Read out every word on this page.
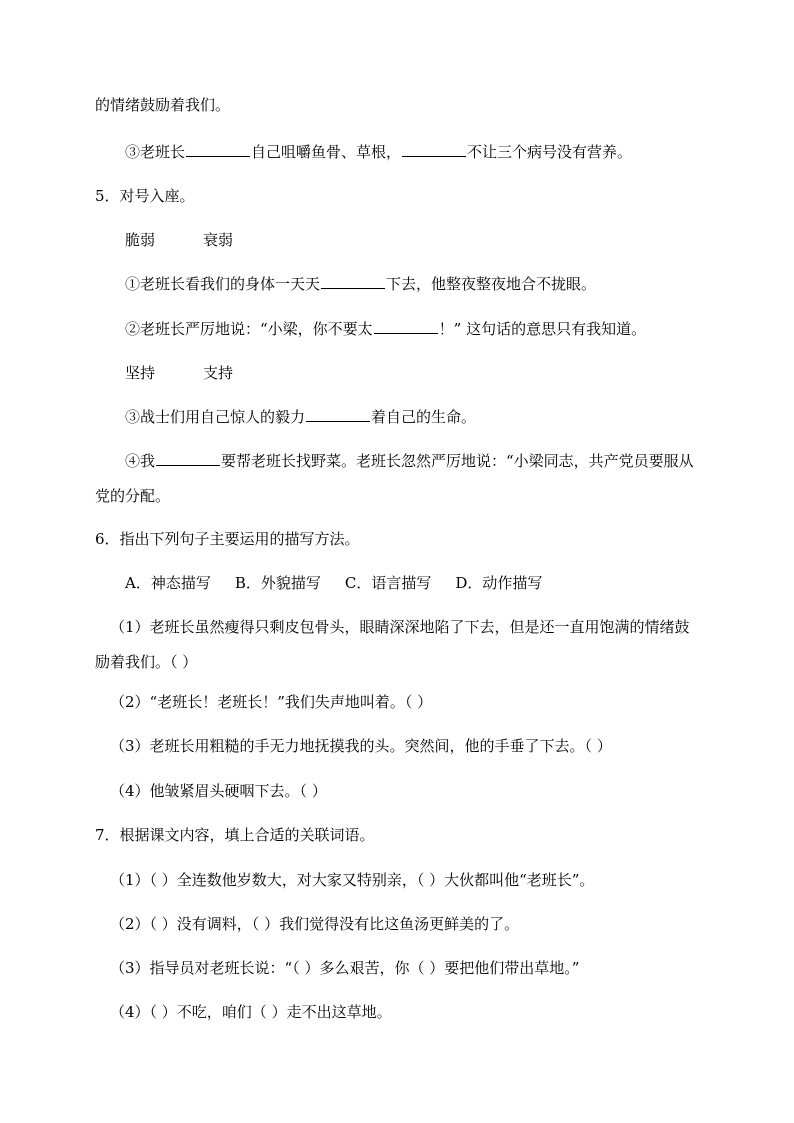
的情绪鼓励着我们。
③老班长	自己咀嚼鱼骨、草根，	不让三个病号没有营养。
5．对号入座。
脆弱	衰弱
①老班长看我们的身体一天天	下去，他整夜整夜地合不拢眼。
②老班长严厉地说：“小梁，你不要太	！” 这句话的意思只有我知道。
坚持	支持
③战士们用自己惊人的毅力	着自己的生命。
④我	要帮老班长找野菜。老班长忽然严厉地说：“小梁同志，共产党员要服从党的分配。
6．指出下列句子主要运用的描写方法。
A．神态描写 B．外貌描写 C．语言描写 D．动作描写
（1）老班长虽然瘦得只剩皮包骨头，眼睛深深地陷了下去，但是还一直用饱满的情绪鼓励着我们。（ ）
（2）“老班长！老班长！”我们失声地叫着。（ ）
（3）老班长用粗糙的手无力地抚摸我的头。突然间，他的手垂了下去。（ ）
（4）他皱紧眉头硬咽下去。（ ）
7．根据课文内容，填上合适的关联词语。
（1）（ ）全连数他岁数大，对大家又特别亲，（ ）大伙都叫他“老班长”。
（2）（ ）没有调料，（ ）我们觉得没有比这鱼汤更鲜美的了。
（3）指导员对老班长说：“（ ）多么艰苦，你（ ）要把他们带出草地。”
（4）（ ）不吃，咱们（ ）走不出这草地。
